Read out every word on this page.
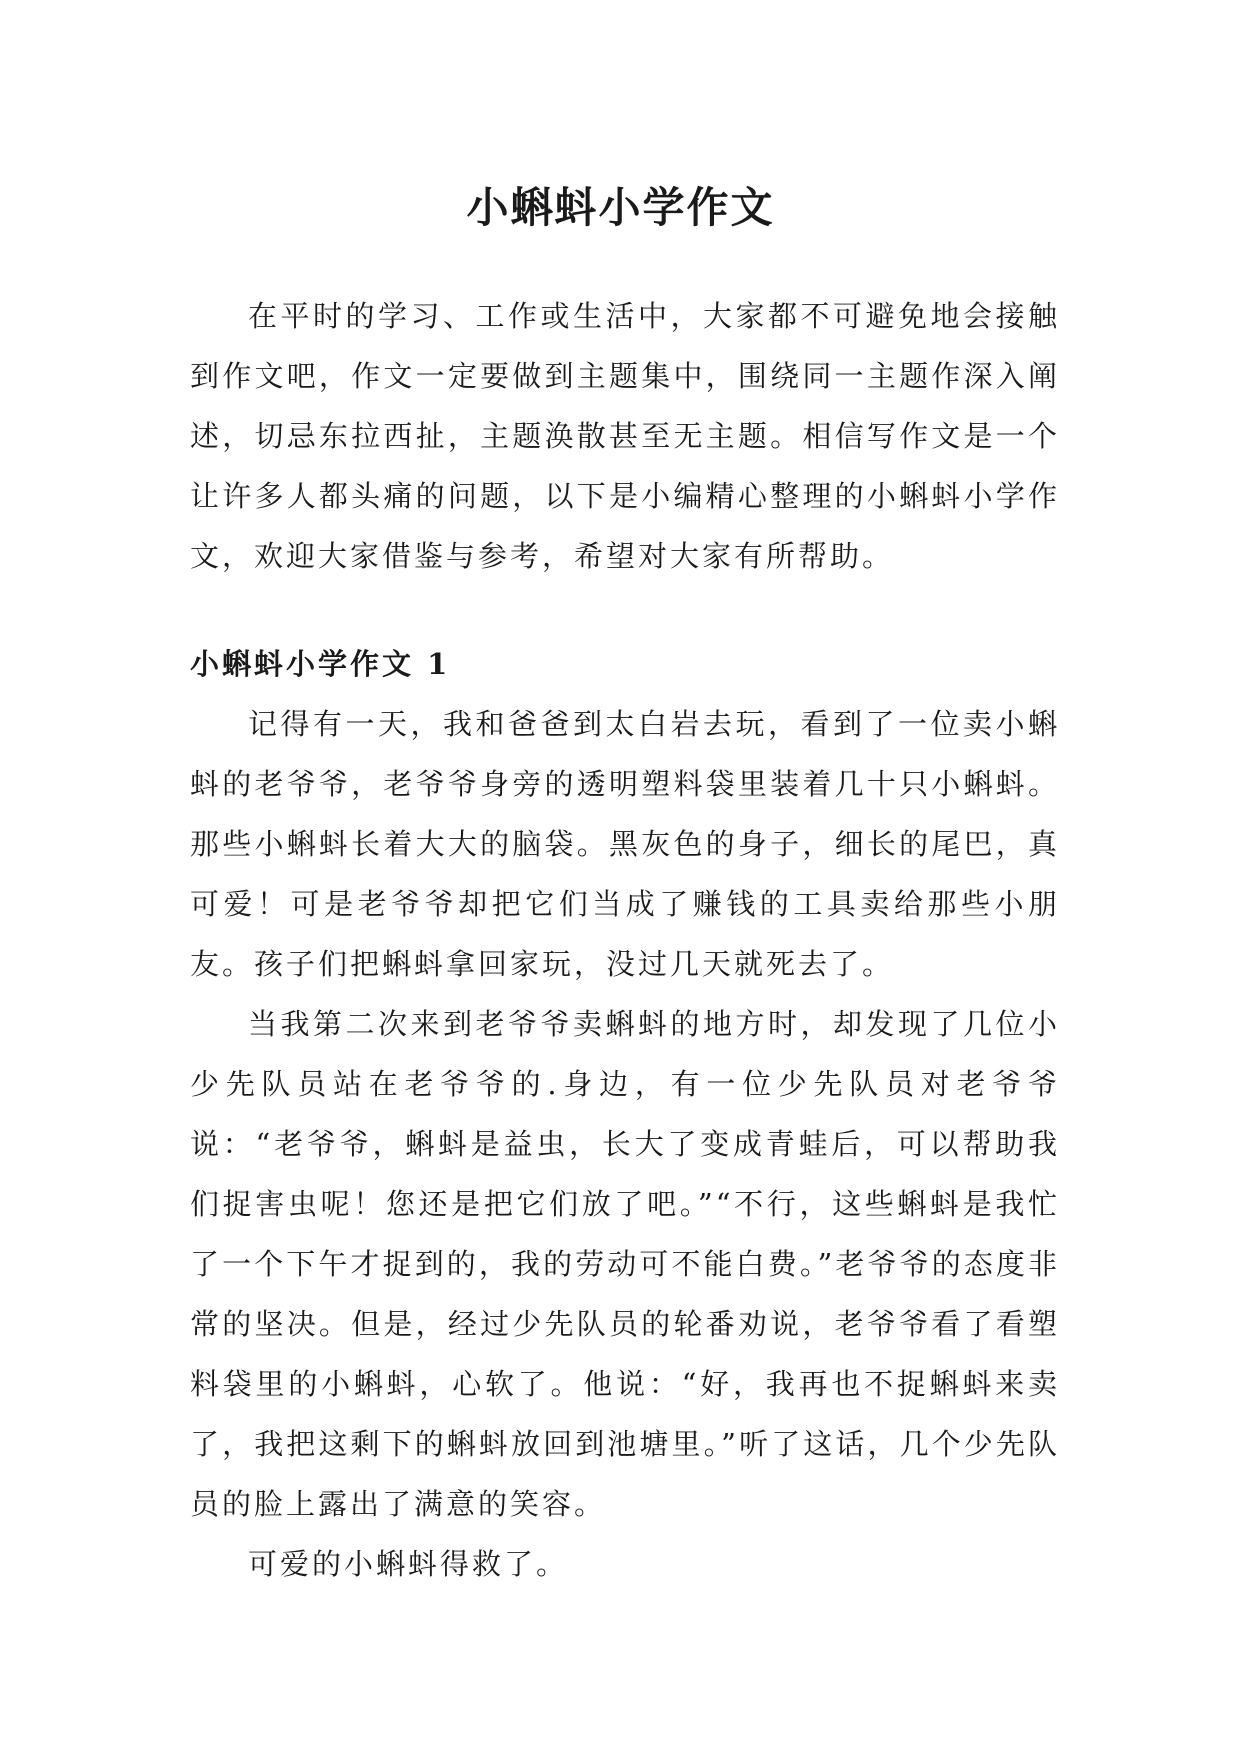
小蝌蚪小学作文

在平时的学习、工作或生活中，大家都不可避免地会接触到作文吧，作文一定要做到主题集中，围绕同一主题作深入阐述，切忌东拉西扯，主题涣散甚至无主题。相信写作文是一个让许多人都头痛的问题，以下是小编精心整理的小蝌蚪小学作文，欢迎大家借鉴与参考，希望对大家有所帮助。

小蝌蚪小学作文 1

记得有一天，我和爸爸到太白岩去玩，看到了一位卖小蝌蚪的老爷爷，老爷爷身旁的透明塑料袋里装着几十只小蝌蚪。那些小蝌蚪长着大大的脑袋。黑灰色的身子，细长的尾巴，真可爱！可是老爷爷却把它们当成了赚钱的工具卖给那些小朋友。孩子们把蝌蚪拿回家玩，没过几天就死去了。

当我第二次来到老爷爷卖蝌蚪的地方时，却发现了几位小少先队员站在老爷爷的.身边，有一位少先队员对老爷爷说：“老爷爷，蝌蚪是益虫，长大了变成青蛙后，可以帮助我们捉害虫呢！您还是把它们放了吧。”“不行，这些蝌蚪是我忙了一个下午才捉到的，我的劳动可不能白费。”老爷爷的态度非常的坚决。但是，经过少先队员的轮番劝说，老爷爷看了看塑料袋里的小蝌蚪，心软了。他说：“好，我再也不捉蝌蚪来卖了，我把这剩下的蝌蚪放回到池塘里。”听了这话，几个少先队员的脸上露出了满意的笑容。

可爱的小蝌蚪得救了。
